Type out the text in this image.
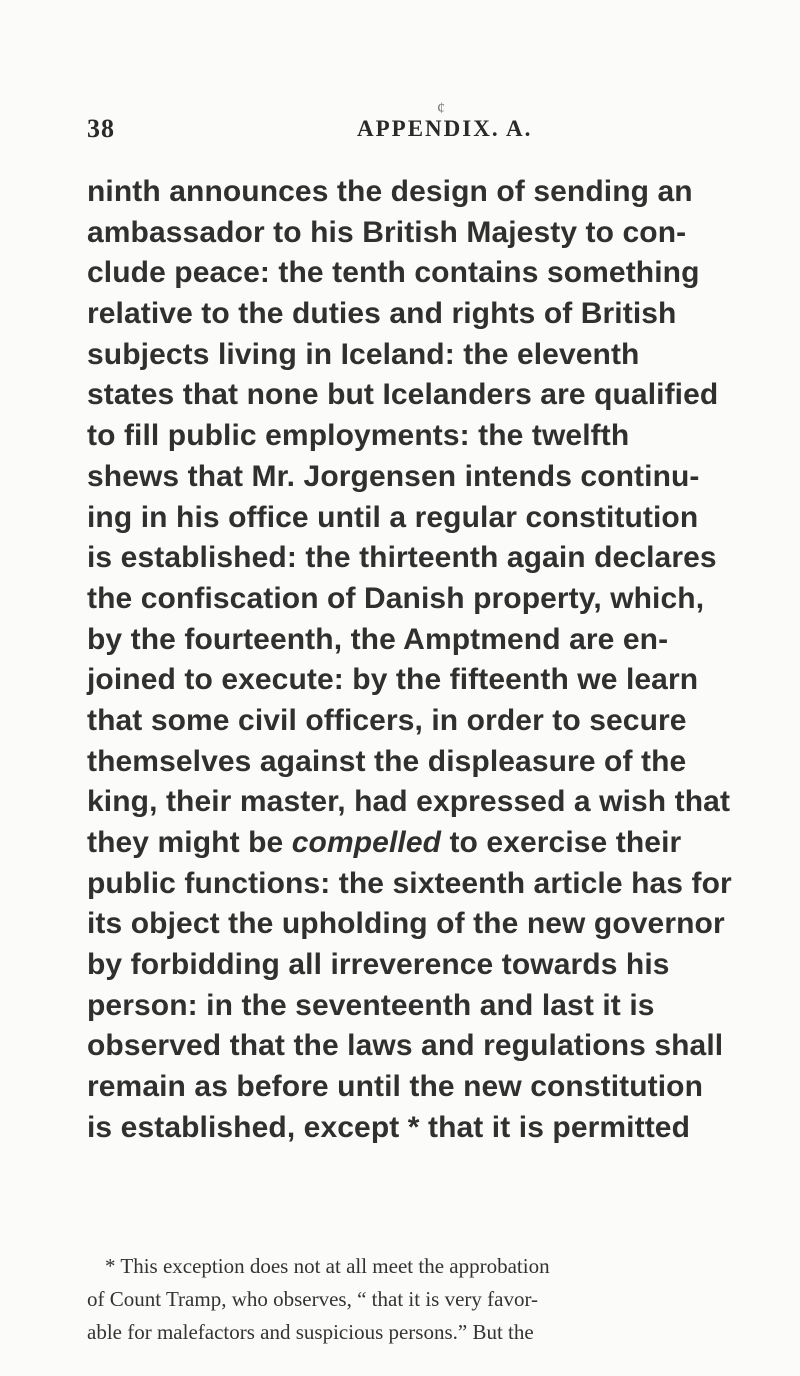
¢

38	APPENDIX. A.
ninth announces the design of sending an
ambassador to his British Majesty to con-
clude peace: the tenth contains something
relative to the duties and rights of British
subjects living in Iceland: the eleventh
states that none but Icelanders are qualified
to fill public employments: the twelfth
shews that Mr. Jorgensen intends continu-
ing in his office until a regular constitution
is established: the thirteenth again declares
the confiscation of Danish property, which,
by the fourteenth, the Amptmend are en-
joined to execute: by the fifteenth we learn
that some civil officers, in order to secure
themselves against the displeasure of the
king, their master, had expressed a wish that
they might be compelled to exercise their
public functions: the sixteenth article has for
its object the upholding of the new governor
by forbidding all irreverence towards his
person: in the seventeenth and last it is
observed that the laws and regulations shall
remain as before until the new constitution
is established, except * that it is permitted
* This exception does not at all meet the approbation
of Count Tramp, who observes, “ that it is very favor-
able for malefactors and suspicious persons.” But the
